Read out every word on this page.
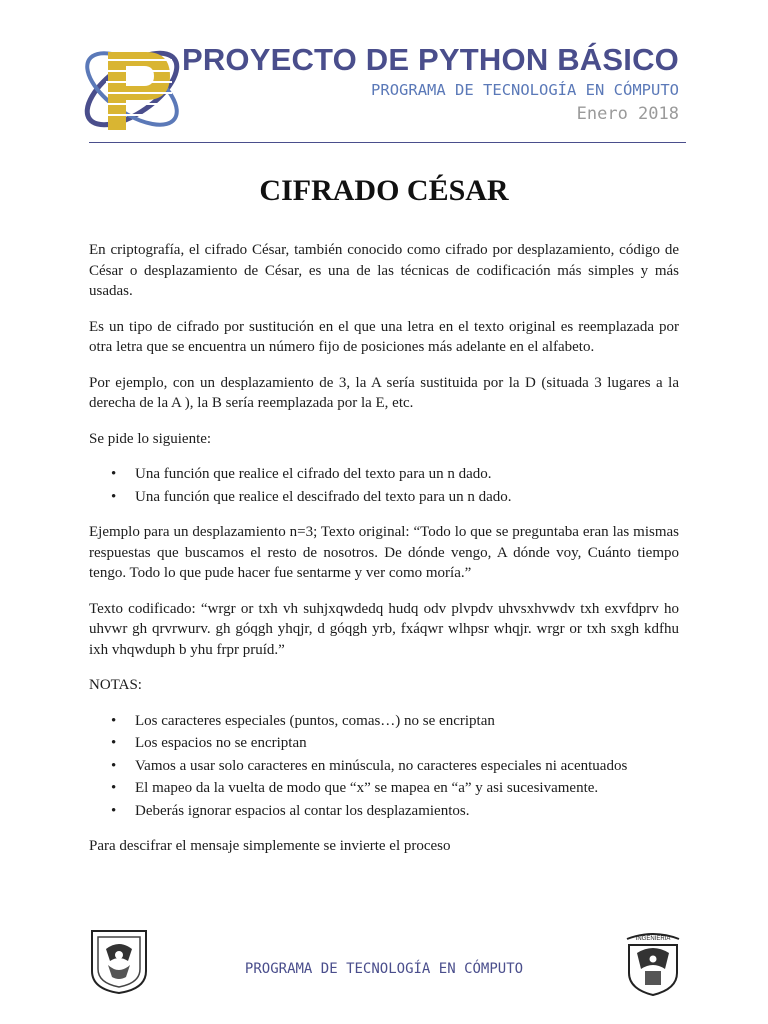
PROYECTO DE PYTHON BÁSICO
PROGRAMA DE TECNOLOGÍA EN CÓMPUTO
Enero 2018
CIFRADO CÉSAR

En criptografía, el cifrado César, también conocido como cifrado por desplazamiento, código de César o desplazamiento de César, es una de las técnicas de codificación más simples y más usadas.

Es un tipo de cifrado por sustitución en el que una letra en el texto original es reemplazada por otra letra que se encuentra un número fijo de posiciones más adelante en el alfabeto.

Por ejemplo, con un desplazamiento de 3, la A sería sustituida por la D (situada 3 lugares a la derecha de la A ), la B sería reemplazada por la E, etc.

Se pide lo siguiente:

• Una función que realice el cifrado del texto para un n dado.
• Una función que realice el descifrado del texto para un n dado.

Ejemplo para un desplazamiento n=3; Texto original: “Todo lo que se preguntaba eran las mismas respuestas que buscamos el resto de nosotros. De dónde vengo, A dónde voy, Cuánto tiempo tengo. Todo lo que pude hacer fue sentarme y ver como moría.”

Texto codificado: “wrgr or txh vh suhjxqwdedq hudq odv plvpdv uhvsxhvwdv txh exvfdprv ho uhvwr gh qrvrwurv. gh góqgh yhqjr, d góqgh yrb, fxáqwr wlhpsr whqjr. wrgr or txh sxgh kdfhu ixh vhqwduph b yhu frpr pruíd.”

NOTAS:

• Los caracteres especiales (puntos, comas…) no se encriptan
• Los espacios no se encriptan
• Vamos a usar solo caracteres en minúscula, no caracteres especiales ni acentuados
• El mapeo da la vuelta de modo que “x” se mapea en “a” y asi sucesivamente.
• Deberás ignorar espacios al contar los desplazamientos.

Para descifrar el mensaje simplemente se invierte el proceso

PROGRAMA DE TECNOLOGÍA EN CÓMPUTO
INGENIERIA
